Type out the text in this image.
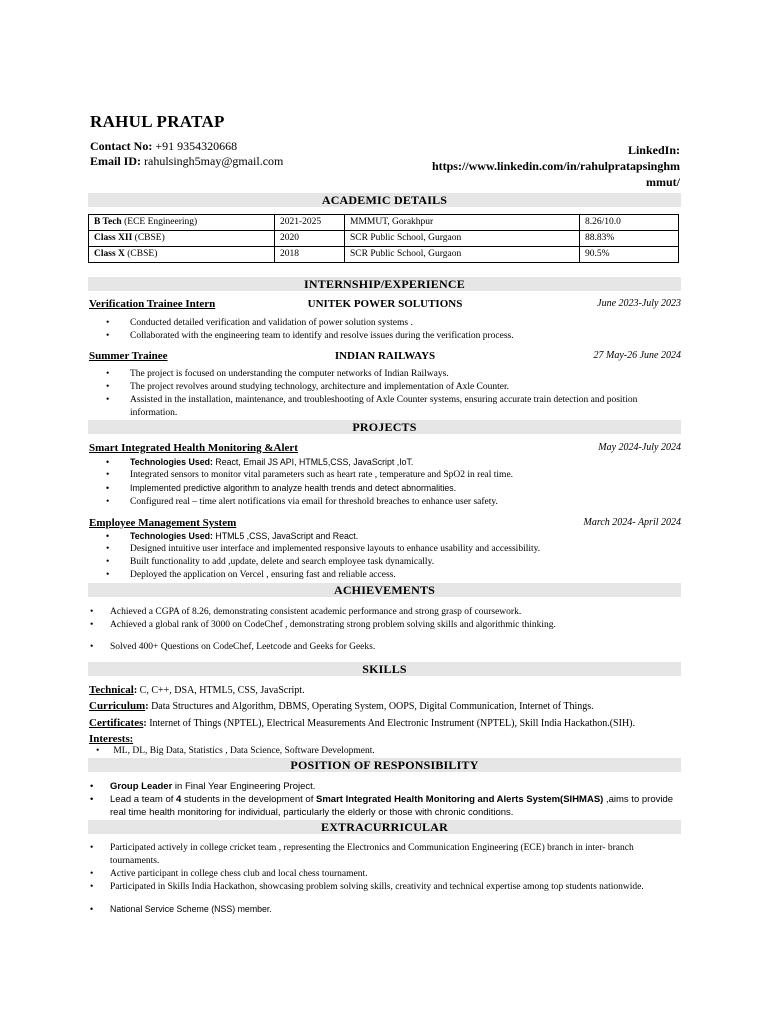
RAHUL PRATAP
Contact No: +91 9354320668
Email ID: rahulsingh5may@gmail.com
LinkedIn:
https://www.linkedin.com/in/rahulpratapsinghm
mmut/
ACADEMIC DETAILS
B Tech (ECE Engineering)	2021-2025	MMMUT, Gorakhpur	8.26/10.0
Class XII (CBSE)	2020	SCR Public School, Gurgaon	88.83%
Class X (CBSE)	2018	SCR Public School, Gurgaon	90.5%
INTERNSHIP/EXPERIENCE
Verification Trainee Intern	UNITEK POWER SOLUTIONS	June 2023-July 2023
• Conducted detailed verification and validation of power solution systems .
• Collaborated with the engineering team to identify and resolve issues during the verification process.
Summer Trainee	INDIAN RAILWAYS	27 May-26 June 2024
• The project is focused on understanding the computer networks of Indian Railways.
• The project revolves around studying technology, architecture and implementation of Axle Counter.
• Assisted in the installation, maintenance, and troubleshooting of Axle Counter systems, ensuring accurate train detection and position information.
PROJECTS
Smart Integrated Health Monitoring &Alert	May 2024-July 2024
• Technologies Used: React, Email JS API, HTML5,CSS, JavaScript ,IoT.
• Integrated sensors to monitor vital parameters such as heart rate , temperature and SpO2 in real time.
• Implemented predictive algorithm to analyze health trends and detect abnormalities.
• Configured real – time alert notifications via email for threshold breaches to enhance user safety.
Employee Management System	March 2024- April 2024
• Technologies Used: HTML5 ,CSS, JavaScript and React.
• Designed intuitive user interface and implemented responsive layouts to enhance usability and accessibility.
• Built functionality to add ,update, delete and search employee task dynamically.
• Deployed the application on Vercel , ensuring fast and reliable access.
ACHIEVEMENTS
• Achieved a CGPA of 8.26, demonstrating consistent academic performance and strong grasp of coursework.
• Achieved a global rank of 3000 on CodeChef , demonstrating strong problem solving skills and algorithmic thinking.
• Solved 400+ Questions on CodeChef, Leetcode and Geeks for Geeks.
SKILLS
Technical: C, C++, DSA, HTML5, CSS, JavaScript.
Curriculum: Data Structures and Algorithm, DBMS, Operating System, OOPS, Digital Communication, Internet of Things.
Certificates: Internet of Things (NPTEL), Electrical Measurements And Electronic Instrument (NPTEL), Skill India Hackathon.(SIH).
Interests:
• ML, DL, Big Data, Statistics , Data Science, Software Development.
POSITION OF RESPONSIBILITY
• Group Leader in Final Year Engineering Project.
• Lead a team of 4 students in the development of Smart Integrated Health Monitoring and Alerts System(SIHMAS) ,aims to provide real time health monitoring for individual, particularly the elderly or those with chronic conditions.
EXTRACURRICULAR
• Participated actively in college cricket team , representing the Electronics and Communication Engineering (ECE) branch in inter- branch tournaments.
• Active participant in college chess club and local chess tournament.
• Participated in Skills India Hackathon, showcasing problem solving skills, creativity and technical expertise among top students nationwide.
• National Service Scheme (NSS) member.
